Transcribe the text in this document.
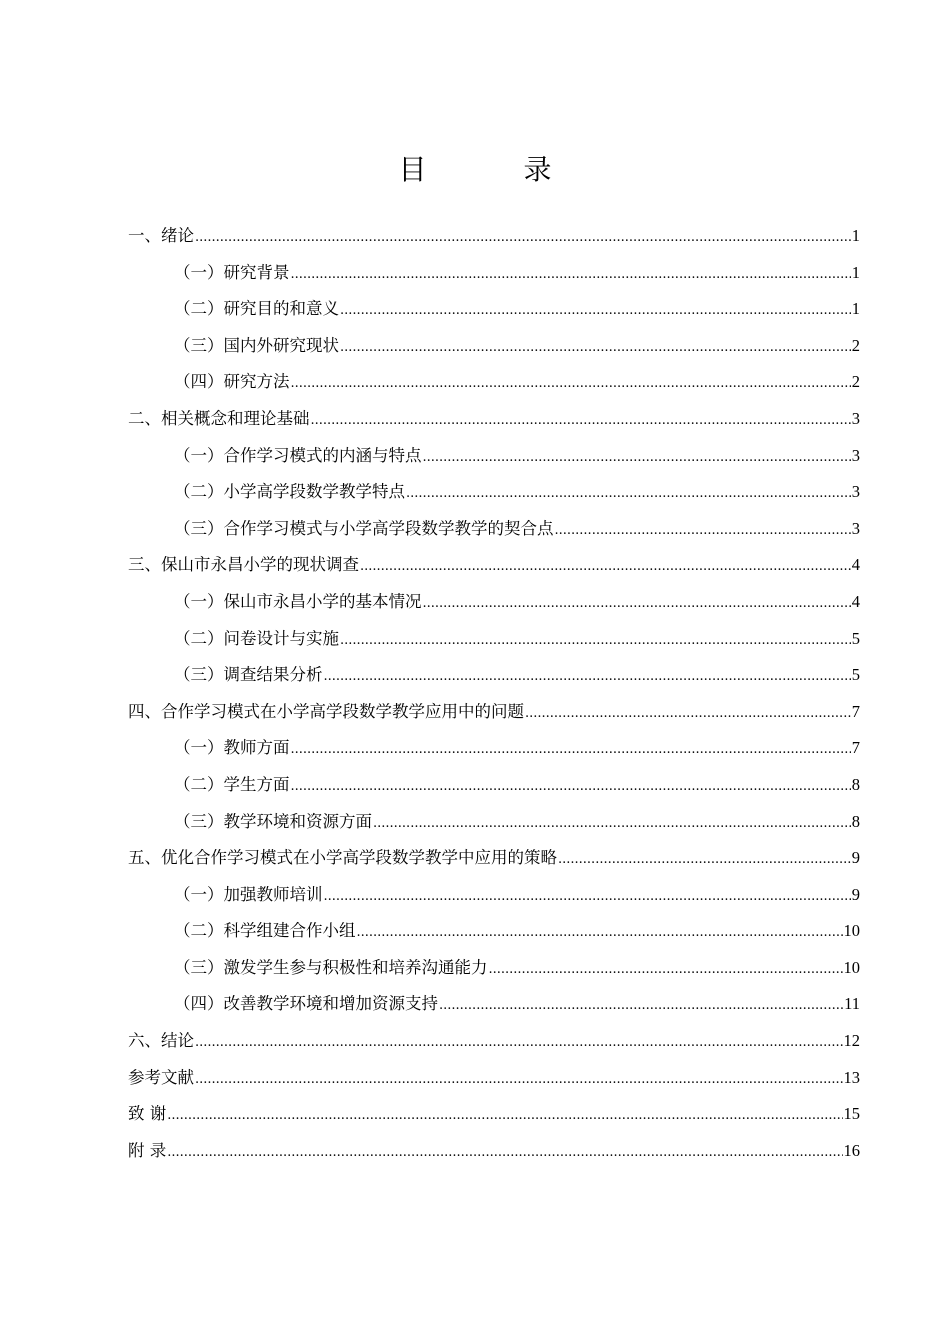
目 录
一、绪论 .....	1
（一）研究背景 .....	1
（二）研究目的和意义 .....	1
（三）国内外研究现状 .....	2
（四）研究方法 .....	2
二、相关概念和理论基础 .....	3
（一）合作学习模式的内涵与特点 .....	3
（二）小学高学段数学教学特点 .....	3
（三）合作学习模式与小学高学段数学教学的契合点 .....	3
三、保山市永昌小学的现状调查 .....	4
（一）保山市永昌小学的基本情况 .....	4
（二）问卷设计与实施 .....	5
（三）调查结果分析 .....	5
四、合作学习模式在小学高学段数学教学应用中的问题 .....	7
（一）教师方面 .....	7
（二）学生方面 .....	8
（三）教学环境和资源方面 .....	8
五、优化合作学习模式在小学高学段数学教学中应用的策略 .....	9
（一）加强教师培训 .....	9
（二）科学组建合作小组 .....	10
（三）激发学生参与积极性和培养沟通能力 .....	10
（四）改善教学环境和增加资源支持 .....	11
六、结论 .....	12
参考文献 .....	13
致 谢 .....	15
附 录 .....	16
